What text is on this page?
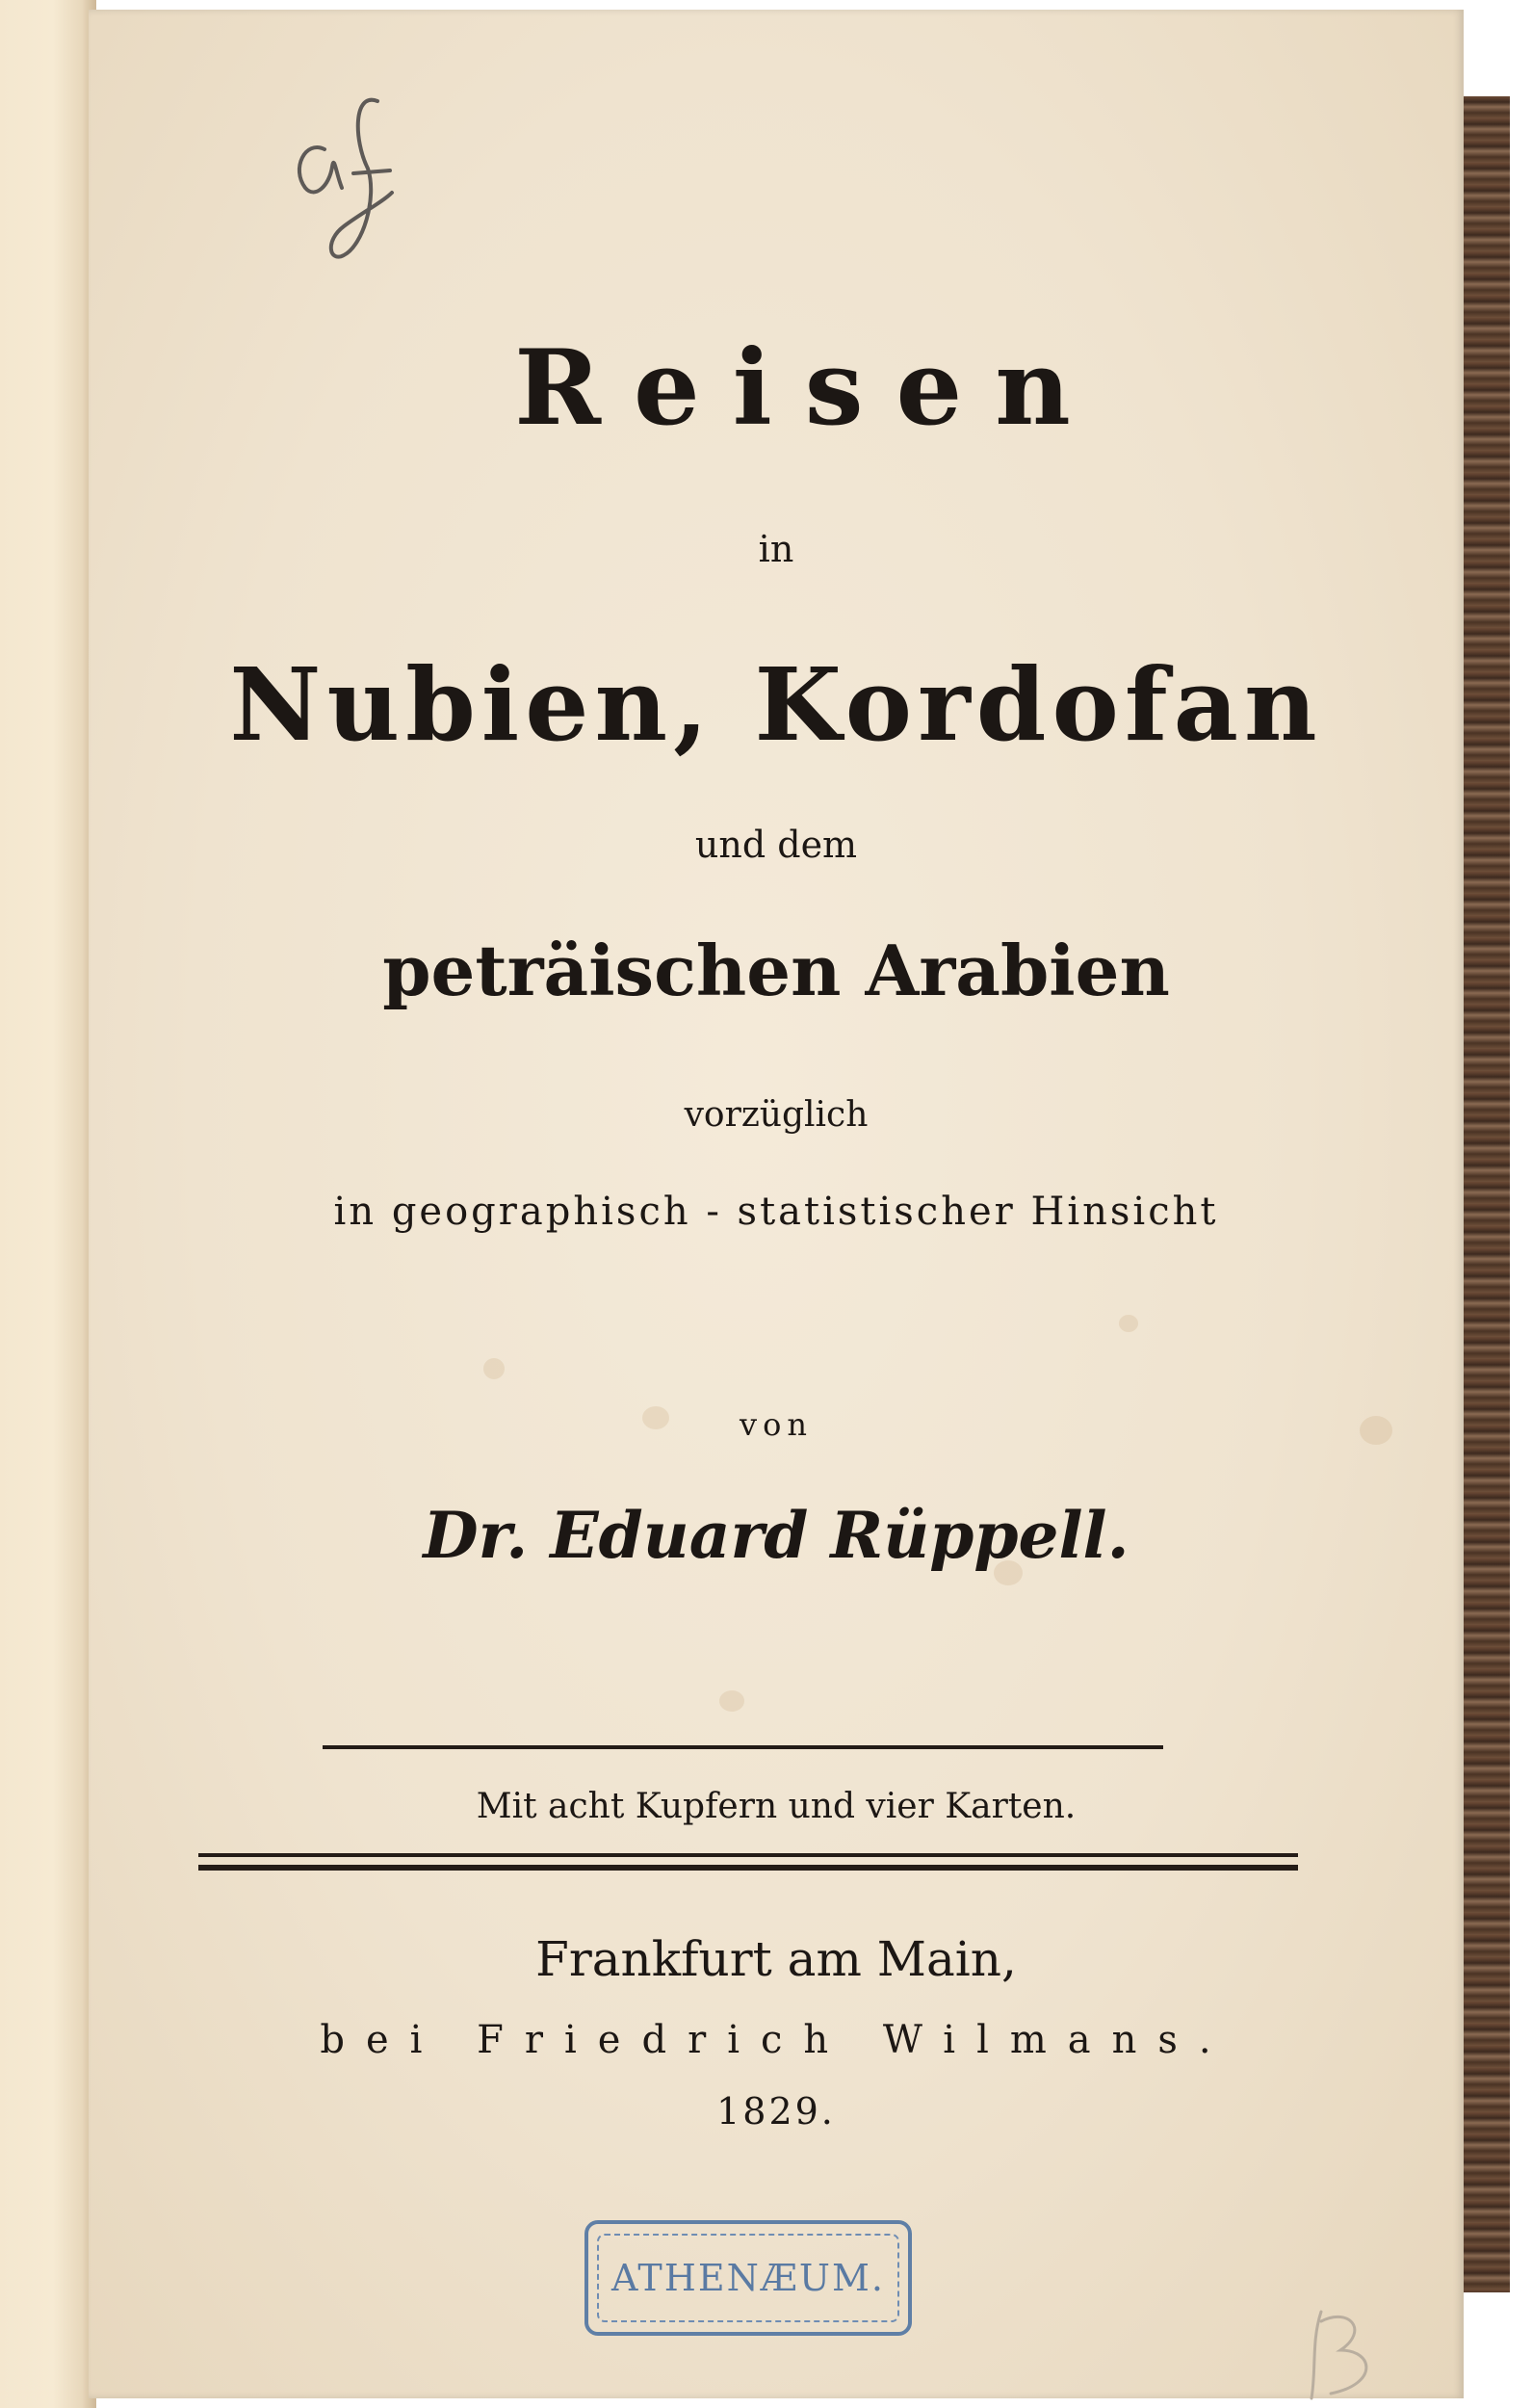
Reisen
in
Nubien, Kordofan
und dem
peträischen Arabien
vorzüglich
in geographisch - statistischer Hinsicht
von
Dr. Eduard Rüppell.
Mit acht Kupfern und vier Karten.
Frankfurt am Main,
bei Friedrich Wilmans.
1829.
ATHENÆUM.
